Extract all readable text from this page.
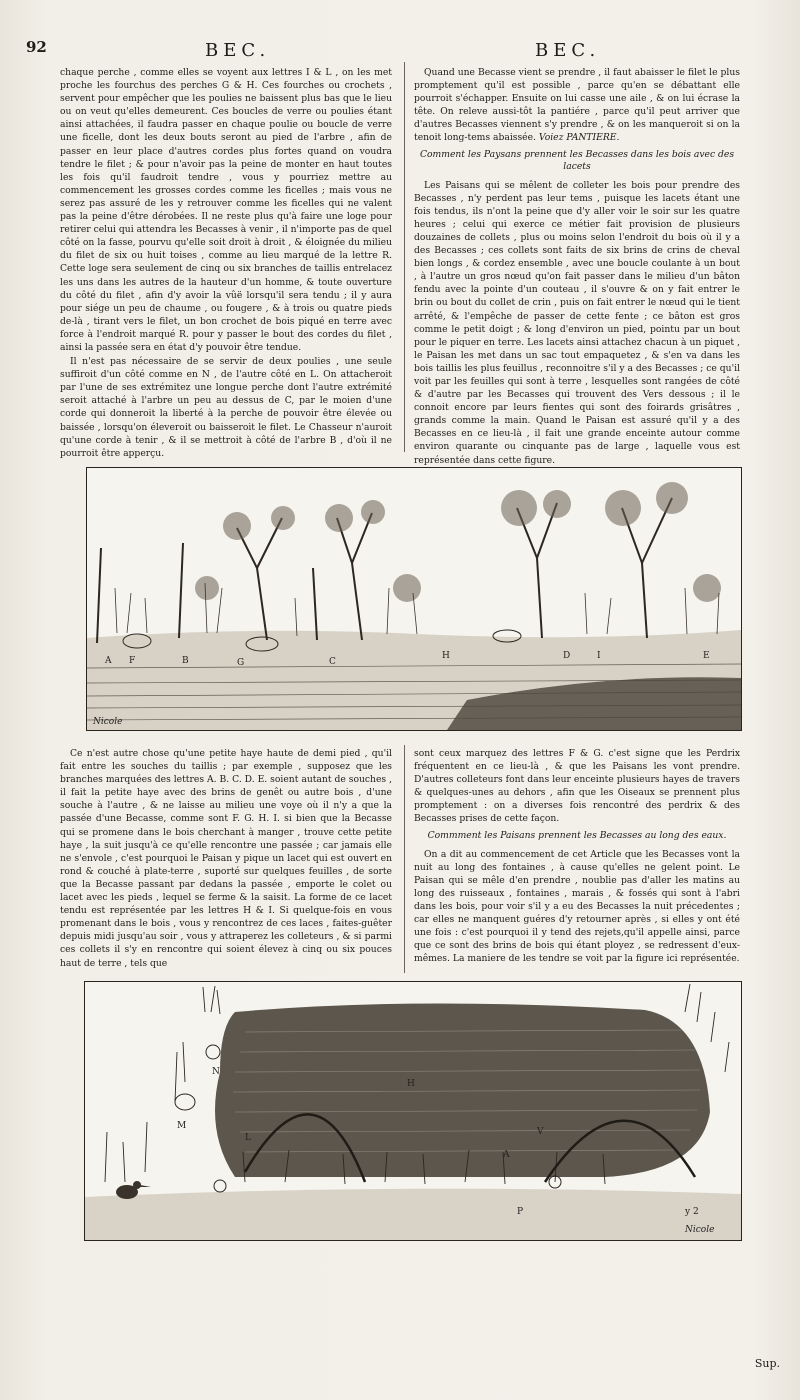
92	BEC.	BEC.

chaque perche , comme elles se voyent aux lettres I & L , on les met proche les fourchus des perches G & H. Ces fourches ou crochets , servent pour empêcher que les poulies ne baissent plus bas que le lieu ou on veut qu'elles demeurent. Ces boucles de verre ou poulies étant ainsi attachées, il faudra passer en chaque poulie ou boucle de verre une ficelle, dont les deux bouts seront au pied de l'arbre , afin de passer en leur place d'autres cordes plus fortes quand on voudra tendre le filet ; & pour n'avoir pas la peine de monter en haut toutes les fois qu'il faudroit tendre , vous y pourriez mettre au commencement les grosses cordes comme les ficelles ; mais vous ne serez pas assuré de les y retrouver comme les ficelles qui ne valent pas la peine d'être dérobées. Il ne reste plus qu'à faire une loge pour retirer celui qui attendra les Becasses à venir , il n'importe pas de quel côté on la fasse, pourvu qu'elle soit droit à droit , & éloignée du milieu du filet de six ou huit toises , comme au lieu marqué de la lettre R. Cette loge sera seulement de cinq ou six branches de taillis entrelacez les uns dans les autres de la hauteur d'un homme, & toute ouverture du côté du filet , afin d'y avoir la vûë lorsqu'il sera tendu ; il y aura pour siége un peu de chaume , ou fougere , & à trois ou quatre pieds de-là , tirant vers le filet, un bon crochet de bois piqué en terre avec force à l'endroit marqué R. pour y passer le bout des cordes du filet , ainsi la passée sera en état d'y pouvoir être tendue.

Il n'est pas nécessaire de se servir de deux poulies , une seule suffiroit d'un côté comme en N , de l'autre côté en L. On attacheroit par l'une de ses extrémitez une longue perche dont l'autre extrémité seroit attaché à l'arbre un peu au dessus de C, par le moien d'une corde qui donneroit la liberté à la perche de pouvoir être élevée ou baissée , lorsqu'on éleveroit ou baisseroit le filet. Le Chasseur n'auroit qu'une corde à tenir , & il se mettroit à côté de l'arbre B , d'où il ne pourroit être apperçu.

Quand une Becasse vient se prendre , il faut abaisser le filet le plus promptement qu'il est possible , parce qu'en se débattant elle pourroit s'échapper. Ensuite on lui casse une aile , & on lui écrase la tête. On releve aussi-tôt la pantiére , parce qu'il peut arriver que d'autres Becasses viennent s'y prendre , & on les manqueroit si on la tenoit long-tems abaissée. Voiez PANTIERE.

Comment les Paysans prennent les Becasses dans les bois avec des lacets

Les Paisans qui se mêlent de colleter les bois pour prendre des Becasses , n'y perdent pas leur tems , puisque les lacets étant une fois tendus, ils n'ont la peine que d'y aller voir le soir sur les quatre heures ; celui qui exerce ce métier fait provision de plusieurs douzaines de collets , plus ou moins selon l'endroit du bois où il y a des Becasses ; ces collets sont faits de six brins de crins de cheval bien longs , & cordez ensemble , avec une boucle coulante à un bout , à l'autre un gros nœud qu'on fait passer dans le milieu d'un bâton fendu avec la pointe d'un couteau , il s'ouvre & on y fait entrer le brin ou bout du collet de crin , puis on fait entrer le nœud qui le tient arrêté, & l'empêche de passer de cette fente ; ce bâton est gros comme le petit doigt ; & long d'environ un pied, pointu par un bout pour le piquer en terre. Les lacets ainsi attachez chacun à un piquet , le Paisan les met dans un sac tout empaquetez , & s'en va dans les bois taillis les plus feuillus , reconnoitre s'il y a des Becasses ; ce qu'il voit par les feuilles qui sont à terre , lesquelles sont rangées de côté & d'autre par les Becasses qui trouvent des Vers dessous ; il le connoit encore par leurs fientes qui sont des foirards grisâtres , grands comme la main. Quand le Paisan est assuré qu'il y a des Becasses en ce lieu-là , il fait une grande enceinte autour comme environ quarante ou cinquante pas de large , laquelle vous est représentée dans cette figure.

A F	B	G	C
H	D	I	E
Nicole

Ce n'est autre chose qu'une petite haye haute de demi pied , qu'il fait entre les souches du taillis ; par exemple , supposez que les branches marquées des lettres A. B. C. D. E. soient autant de souches , il fait la petite haye avec des brins de genêt ou autre bois , d'une souche à l'autre , & ne laisse au milieu une voye où il n'y a que la passée d'une Becasse, comme sont F. G. H. I. si bien que la Becasse qui se promene dans le bois cherchant à manger , trouve cette petite haye , la suit jusqu'à ce qu'elle rencontre une passée ; car jamais elle ne s'envole , c'est pourquoi le Paisan y pique un lacet qui est ouvert en rond & couché à plate-terre , suporté sur quelques feuilles , de sorte que la Becasse passant par dedans la passée , emporte le colet ou lacet avec les pieds , lequel se ferme & la saisit. La forme de ce lacet tendu est représentée par les lettres H & I. Si quelque-fois en vous promenant dans le bois , vous y rencontrez de ces laces , faites-guêter depuis midi jusqu'au soir , vous y attraperez les colleteurs , & si parmi ces collets il s'y en rencontre qui soient élevez à cinq ou six pouces haut de terre , tels que

sont ceux marquez des lettres F & G. c'est signe que les Perdrix fréquentent en ce lieu-là , & que les Paisans les vont prendre. D'autres colleteurs font dans leur enceinte plusieurs hayes de travers & quelques-unes au dehors , afin que les Oiseaux se prennent plus promptement : on a diverses fois rencontré des perdrix & des Becasses prises de cette façon.

Commment les Paisans prennent les Becasses au long des eaux.

On a dit au commencement de cet Article que les Becasses vont la nuit au long des fontaines , à cause qu'elles ne gelent point. Le Paisan qui se mêle d'en prendre , noublie pas d'aller les matins au long des ruisseaux , fontaines , marais , & fossés qui sont à l'abri dans les bois, pour voir s'il y a eu des Becasses la nuit précedentes ; car elles ne manquent guéres d'y retourner après , si elles y ont été une fois : c'est pourquoi il y tend des rejets,qu'il appelle ainsi, parce que ce sont des brins de bois qui étant ployez , se redressent d'eux-mêmes. La maniere de les tendre se voit par la figure ici représentée.

N
H
M
L
A
V
P	y 2
Nicole
Sup.
